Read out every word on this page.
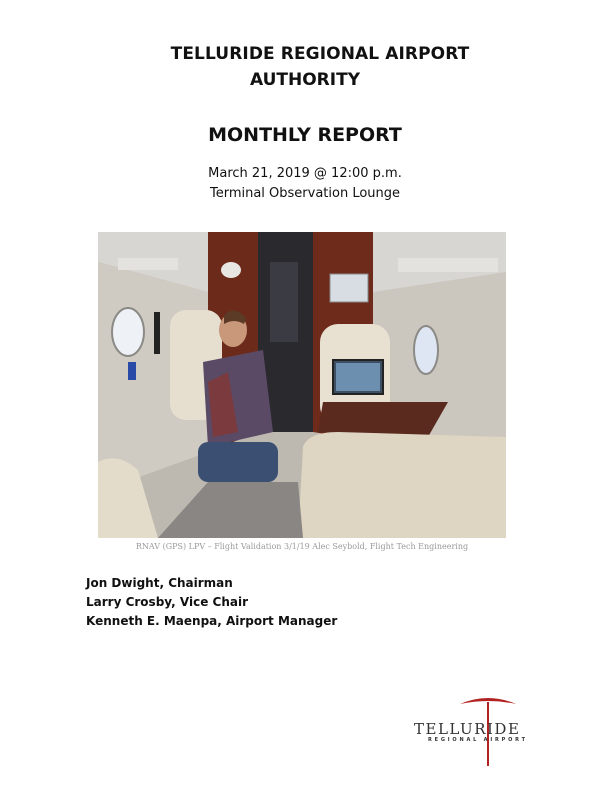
TELLURIDE REGIONAL AIRPORT
AUTHORITY
MONTHLY REPORT
March 21, 2019 @ 12:00 p.m.
Terminal Observation Lounge
RNAV (GPS) LPV – Flight Validation 3/1/19 Alec Seybold, Flight Tech Engineering
Jon Dwight, Chairman
Larry Crosby, Vice Chair
Kenneth E. Maenpa, Airport Manager
TELLURIDE
REGIONAL AIRPORT
